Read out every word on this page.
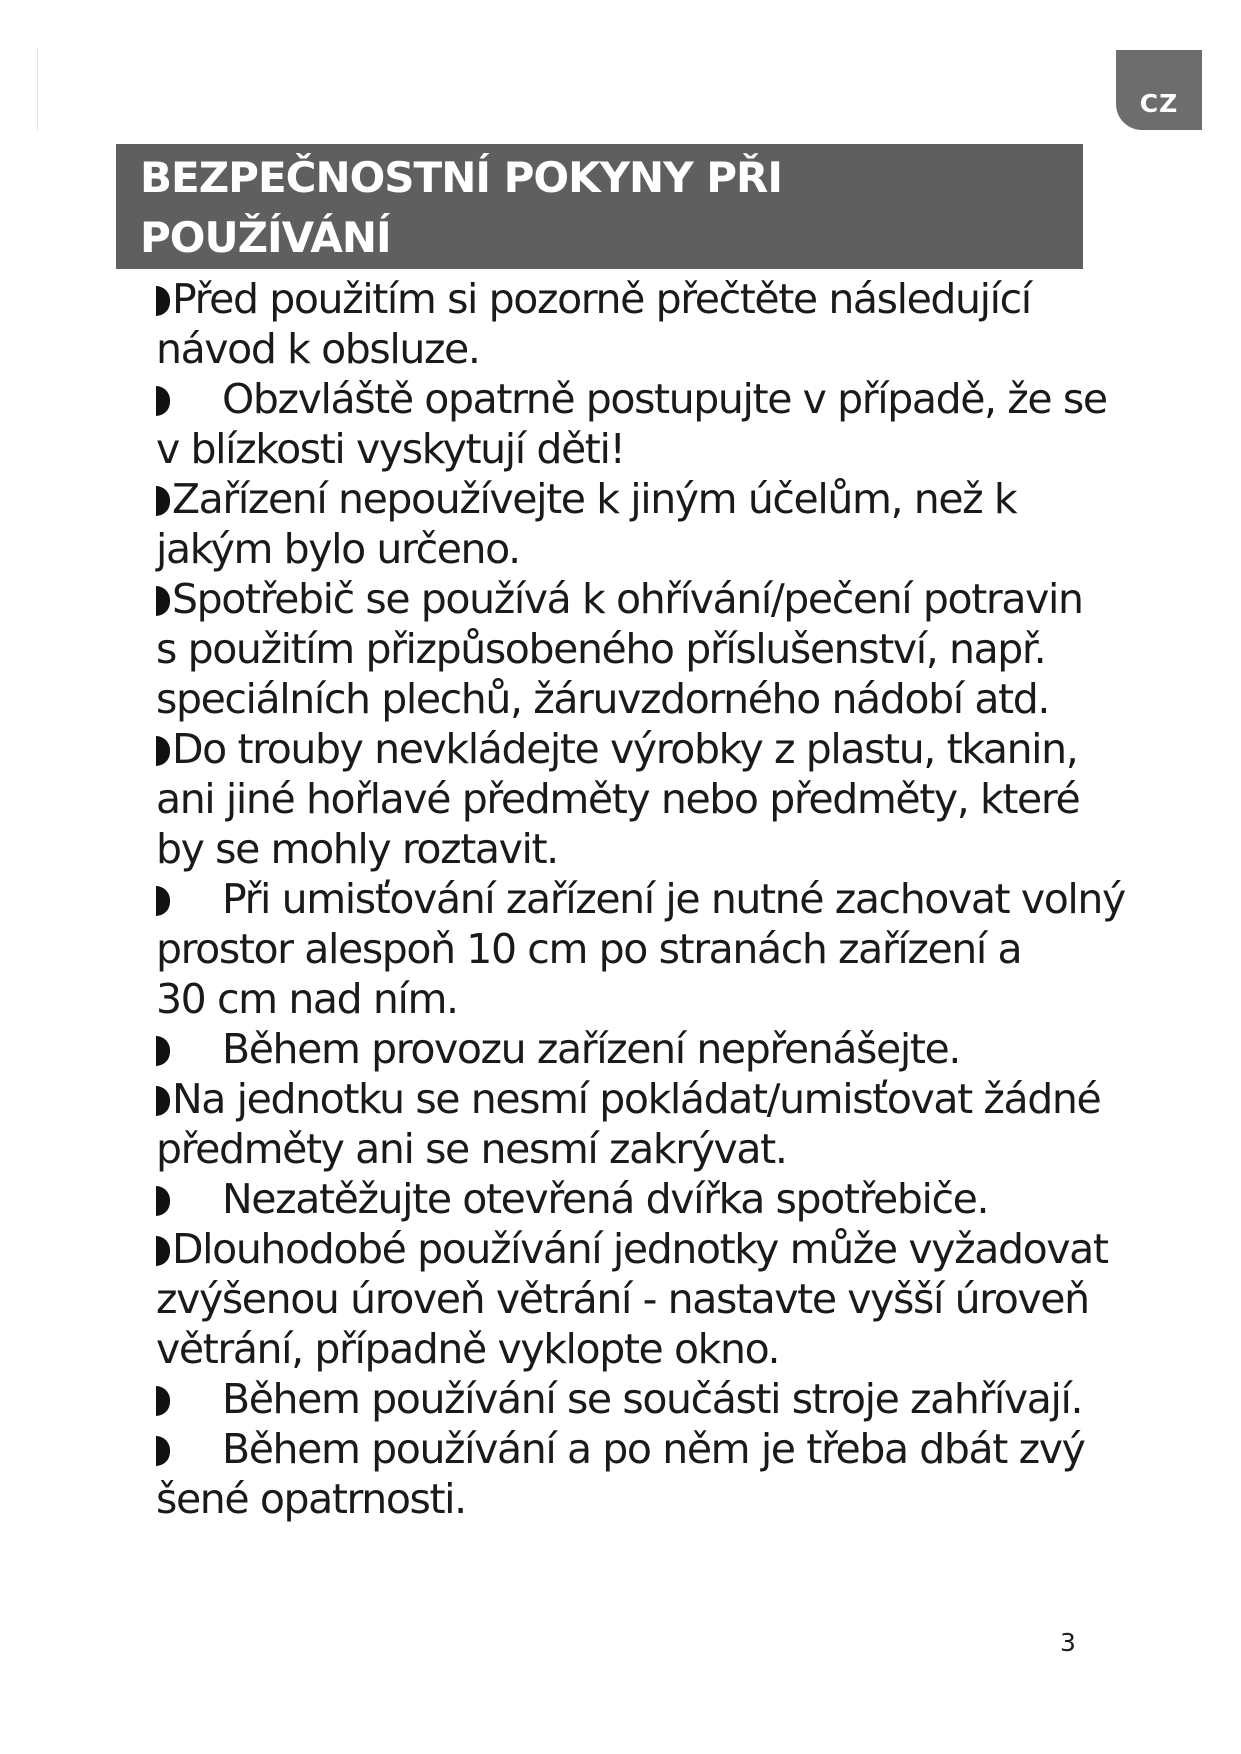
CZ
BEZPEČNOSTNÍ POKYNY PŘI
POUŽÍVÁNÍ
Před použitím si pozorně přečtěte následující
návod k obsluze.
Obzvláště opatrně postupujte v případě, že se
v blízkosti vyskytují děti!
Zařízení nepoužívejte k jiným účelům, než k
jakým bylo určeno.
Spotřebič se používá k ohřívání/pečení potravin
s použitím přizpůsobeného příslušenství, např.
speciálních plechů, žáruvzdorného nádobí atd.
Do trouby nevkládejte výrobky z plastu, tkanin,
ani jiné hořlavé předměty nebo předměty, které
by se mohly roztavit.
Při umisťování zařízení je nutné zachovat volný
prostor alespoň 10 cm po stranách zařízení a
30 cm nad ním.
Během provozu zařízení nepřenášejte.
Na jednotku se nesmí pokládat/umisťovat žádné
předměty ani se nesmí zakrývat.
Nezatěžujte otevřená dvířka spotřebiče.
Dlouhodobé používání jednotky může vyžadovat
zvýšenou úroveň větrání - nastavte vyšší úroveň
větrání, případně vyklopte okno.
Během používání se součásti stroje zahřívají.
Během používání a po něm je třeba dbát zvý
šené opatrnosti.
3
